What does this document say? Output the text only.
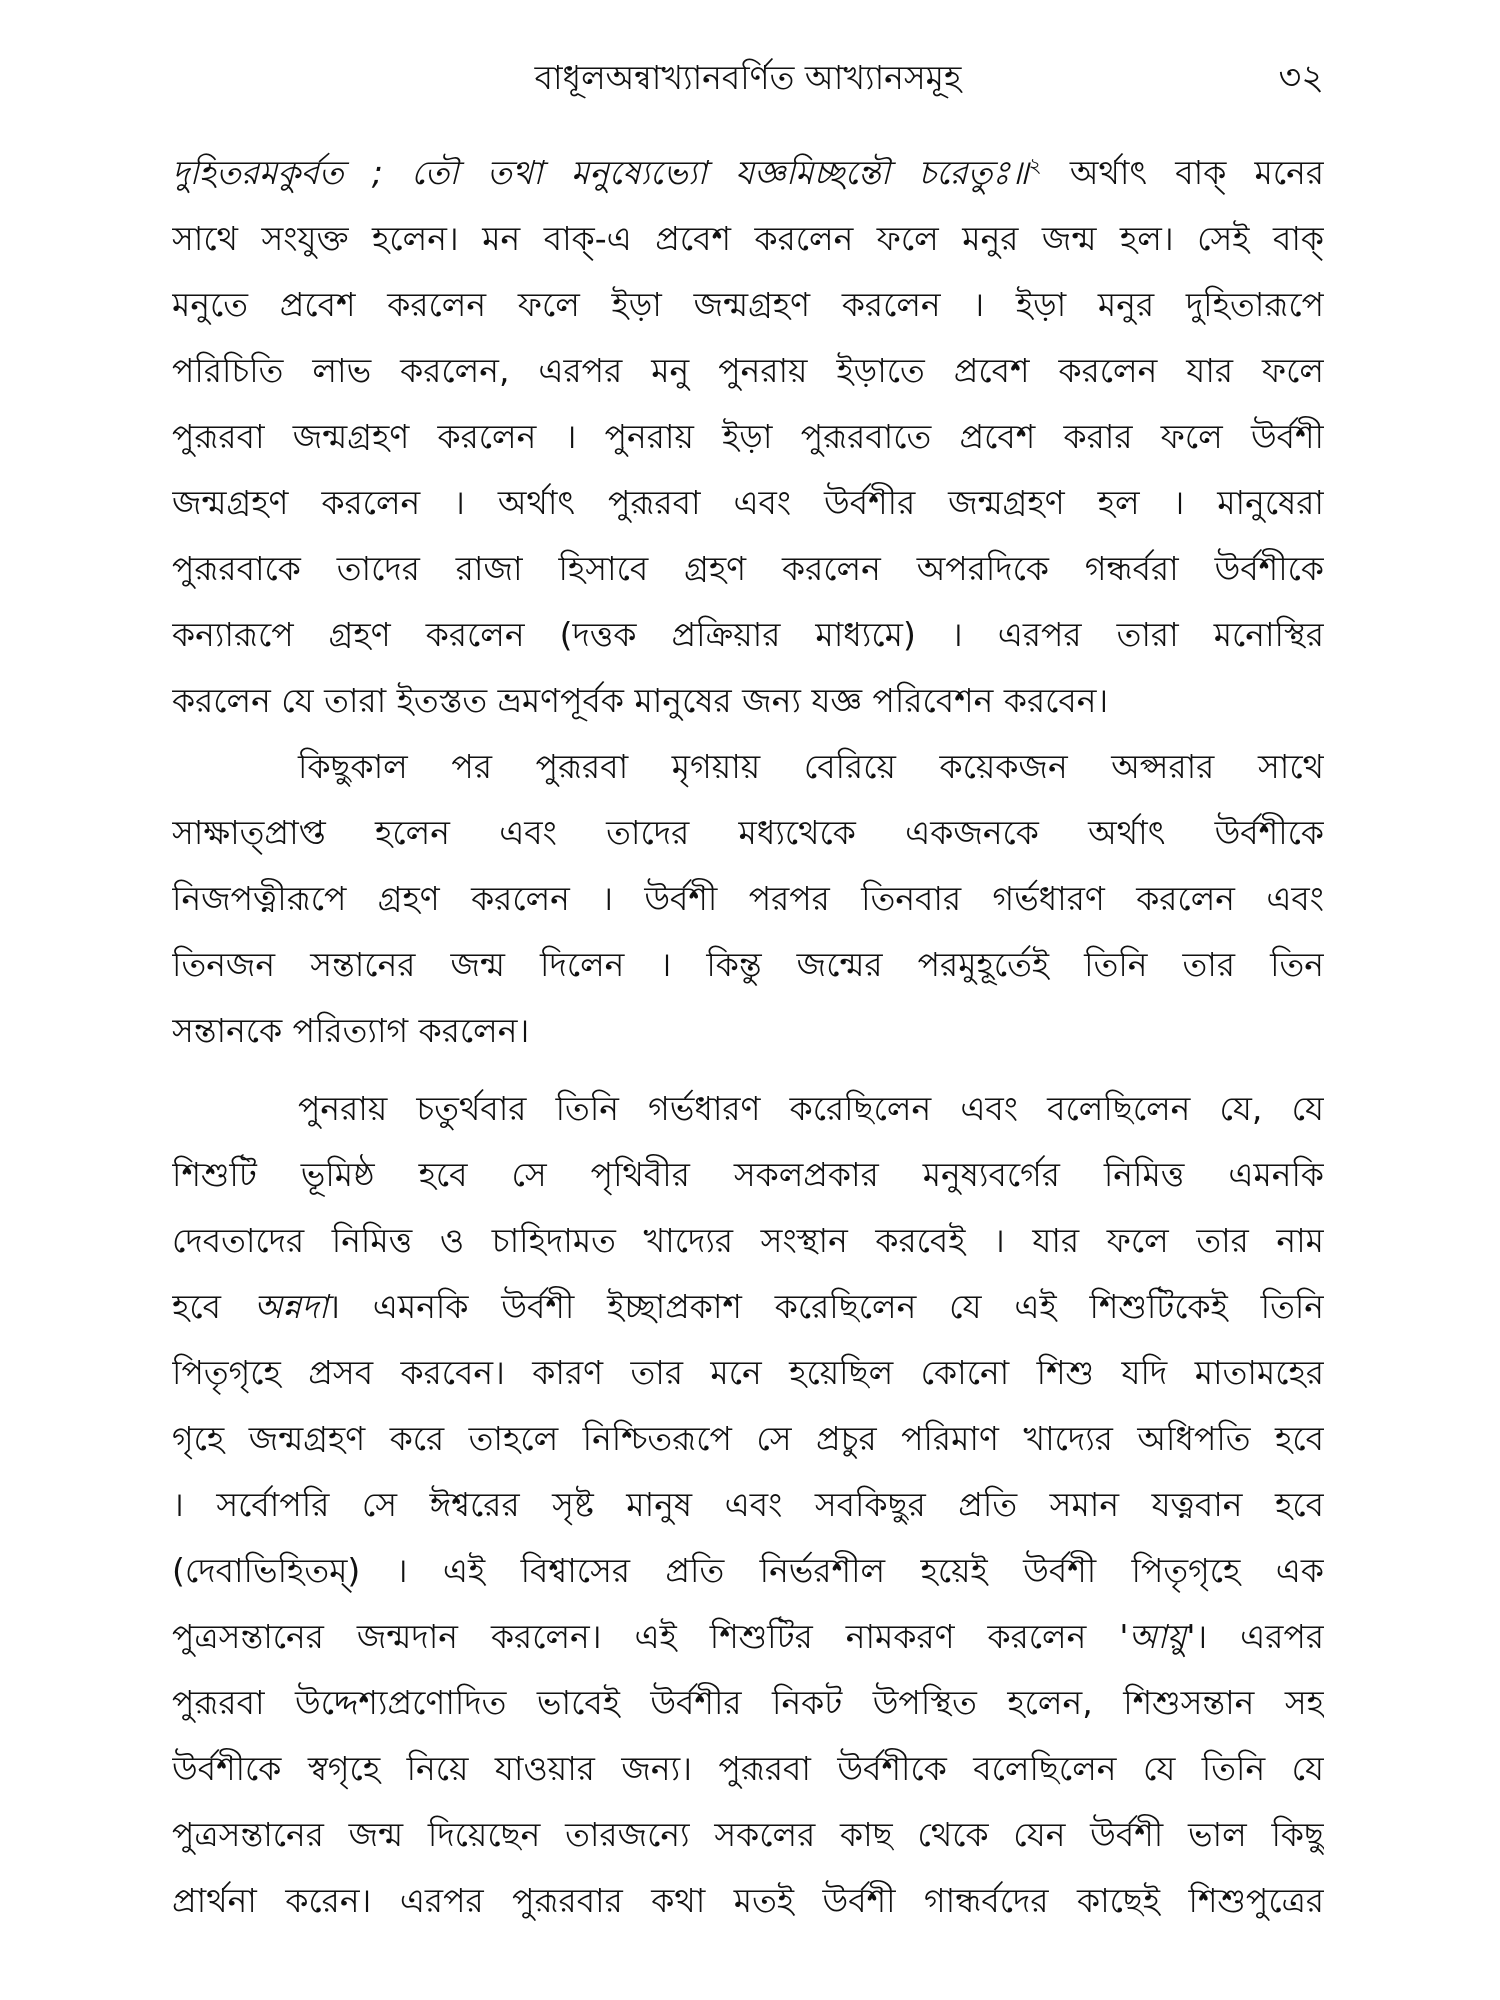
বাধূলঅন্বাখ্যানবর্ণিত আখ্যানসমূহ	৩২
দুহিতরমকুর্বত ; তৌ তথা মনুষ্যেভ্যো যজ্ঞমিচ্ছন্তৌ চরেতুঃ॥$^২$ অর্থাৎ বাক্ মনের
সাথে সংযুক্ত হলেন। মন বাক্-এ প্রবেশ করলেন ফলে মনুর জন্ম হল। সেই বাক্
মনুতে প্রবেশ করলেন ফলে ইড়া জন্মগ্রহণ করলেন । ইড়া মনুর দুহিতারূপে
পরিচিতি লাভ করলেন, এরপর মনু পুনরায় ইড়াতে প্রবেশ করলেন যার ফলে
পুরূরবা জন্মগ্রহণ করলেন । পুনরায় ইড়া পুরূরবাতে প্রবেশ করার ফলে উর্বশী
জন্মগ্রহণ করলেন । অর্থাৎ পুরূরবা এবং উর্বশীর জন্মগ্রহণ হল । মানুষেরা
পুরূরবাকে তাদের রাজা হিসাবে গ্রহণ করলেন অপরদিকে গন্ধর্বরা উর্বশীকে
কন্যারূপে গ্রহণ করলেন (দত্তক প্রক্রিয়ার মাধ্যমে) । এরপর তারা মনোস্থির
করলেন যে তারা ইতস্তত ভ্রমণপূর্বক মানুষের জন্য যজ্ঞ পরিবেশন করবেন।
কিছুকাল পর পুরূরবা মৃগয়ায় বেরিয়ে কয়েকজন অপ্সরার সাথে
সাক্ষাত্প্রাপ্ত হলেন এবং তাদের মধ্যথেকে একজনকে অর্থাৎ উর্বশীকে
নিজপত্নীরূপে গ্রহণ করলেন । উর্বশী পরপর তিনবার গর্ভধারণ করলেন এবং
তিনজন সন্তানের জন্ম দিলেন । কিন্তু জন্মের পরমুহূর্তেই তিনি তার তিন
সন্তানকে পরিত্যাগ করলেন।
পুনরায় চতুর্থবার তিনি গর্ভধারণ করেছিলেন এবং বলেছিলেন যে, যে
শিশুটি ভূমিষ্ঠ হবে সে পৃথিবীর সকলপ্রকার মনুষ্যবর্গের নিমিত্ত এমনকি
দেবতাদের নিমিত্ত ও চাহিদামত খাদ্যের সংস্থান করবেই । যার ফলে তার নাম
হবে অন্নদা। এমনকি উর্বশী ইচ্ছাপ্রকাশ করেছিলেন যে এই শিশুটিকেই তিনি
পিতৃগৃহে প্রসব করবেন। কারণ তার মনে হয়েছিল কোনো শিশু যদি মাতামহের
গৃহে জন্মগ্রহণ করে তাহলে নিশ্চিতরূপে সে প্রচুর পরিমাণ খাদ্যের অধিপতি হবে
। সর্বোপরি সে ঈশ্বরের সৃষ্ট মানুষ এবং সবকিছুর প্রতি সমান যত্নবান হবে
(দেবাভিহিতম্) । এই বিশ্বাসের প্রতি নির্ভরশীল হয়েই উর্বশী পিতৃগৃহে এক
পুত্রসন্তানের জন্মদান করলেন। এই শিশুটির নামকরণ করলেন 'আয়ু'। এরপর
পুরূরবা উদ্দেশ্যপ্রণোদিত ভাবেই উর্বশীর নিকট উপস্থিত হলেন, শিশুসন্তান সহ
উর্বশীকে স্বগৃহে নিয়ে যাওয়ার জন্য। পুরূরবা উর্বশীকে বলেছিলেন যে তিনি যে
পুত্রসন্তানের জন্ম দিয়েছেন তারজন্যে সকলের কাছ থেকে যেন উর্বশী ভাল কিছু
প্রার্থনা করেন। এরপর পুরূরবার কথা মতই উর্বশী গান্ধর্বদের কাছেই শিশুপুত্রের
